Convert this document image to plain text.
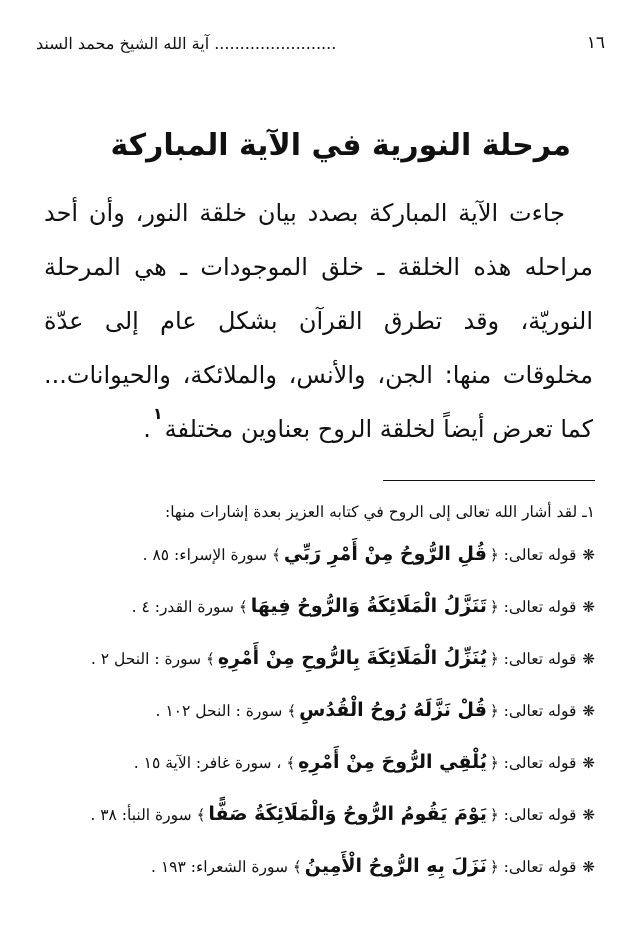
١٦
........................ آية الله الشيخ محمد السند
مرحلة النورية في الآية المباركة

جاءت الآية المباركة بصدد بيان خلقة النور، وأن أحد مراحله هذه الخلقة ـ خلق الموجودات ـ هي المرحلة النوريّة، وقد تطرق القرآن بشكل عام إلى عدّة مخلوقات منها: الجن، والأنس، والملائكة، والحيوانات... كما تعرض أيضاً لخلقة الروح بعناوين مختلفة$^١$.

١ـ لقد أشار الله تعالى إلى الروح في كتابه العزيز بعدة إشارات منها:

❋قوله تعالى: ﴿قُلِ الرُّوحُ مِنْ أَمْرِ رَبِّي﴾ سورة الإسراء: ٨٥ .
❋قوله تعالى: ﴿تَنَزَّلُ الْمَلَائِكَةُ وَالرُّوحُ فِيهَا﴾ سورة القدر: ٤ .
❋قوله تعالى: ﴿يُنَزِّلُ الْمَلَائِكَةَ بِالرُّوحِ مِنْ أَمْرِهِ﴾ سورة : النحل ٢ .
❋قوله تعالى: ﴿قُلْ نَزَّلَهُ رُوحُ الْقُدُسِ﴾ سورة : النحل ١٠٢ .
❋قوله تعالى: ﴿يُلْقِي الرُّوحَ مِنْ أَمْرِهِ﴾ ، سورة غافر: الآية ١٥ .
❋قوله تعالى: ﴿يَوْمَ يَقُومُ الرُّوحُ وَالْمَلَائِكَةُ صَفًّا﴾ سورة النبأ: ٣٨ .
❋قوله تعالى: ﴿نَزَلَ بِهِ الرُّوحُ الْأَمِينُ﴾ سورة الشعراء: ١٩٣ .
